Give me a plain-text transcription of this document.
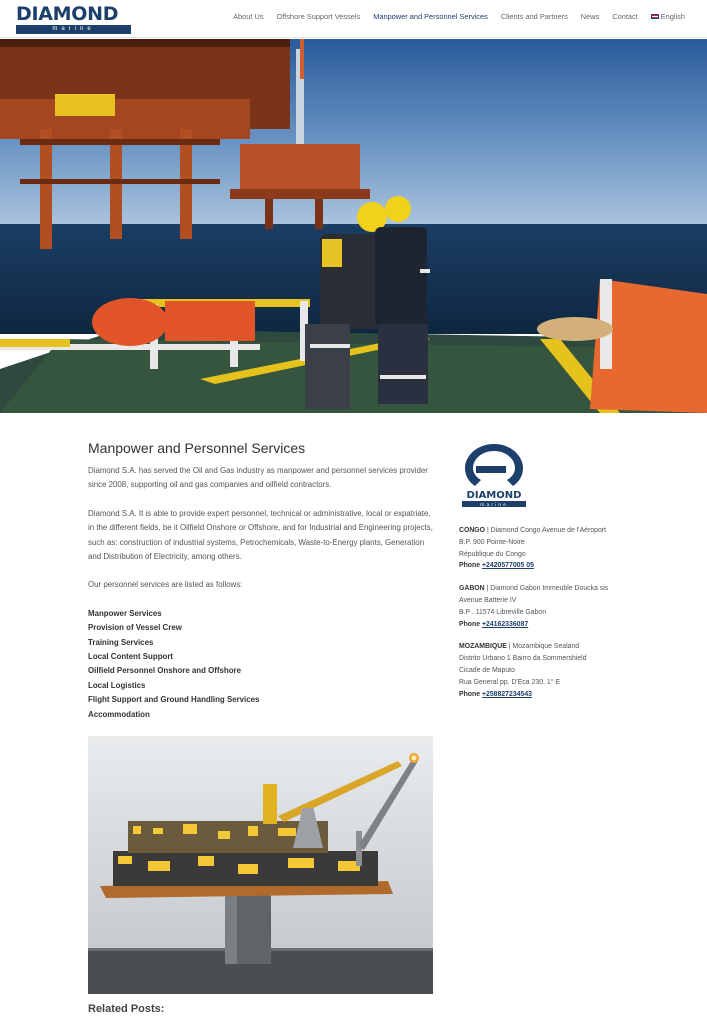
DIAMOND
marine
About Us Offshore Support Vessels Manpower and Personnel Services Clients and Partners News Contact	English
Manpower and Personnel Services

Diamond S.A. has served the Oil and Gas industry as manpower and personnel services provider since 2008, supporting oil and gas companies and oilfield contractors.

Diamond S.A. It is able to provide expert personnel, technical or administrative, local or expatriate, in the different fields, be it Oilfield Onshore or Offshore, and for Industrial and Engineering projects, such as: construction of industrial systems, Petrochemicals, Waste-to-Energy plants, Generation and Distribution of Electricity, among others.

Our personnel services are listed as follows:

Manpower Services
Provision of Vessel Crew
Training Services
Local Content Support
Oilfield Personnel Onshore and Offshore
Local Logistics
Flight Support and Ground Handling Services
Accommodation
Related Posts:
DIAMOND
marine
CONGO | Diamond Congo Avenue de l'Aéroport
B.P. 900 Pointe-Noire
République du Congo
Phone +2420577005 05
GABON | Diamond Gabon Immeuble Doucka sis
Avenue Batterie IV
B.P . 11574 Libreville Gabon
Phone +24162336087
MOZAMBIQUE | Mozambique Sealand
Distrito Urbano 1 Bairro da Sommershield
Cicade de Maputo
Rua General pp. D'Eca 230, 1° E
Phone +258827234543
